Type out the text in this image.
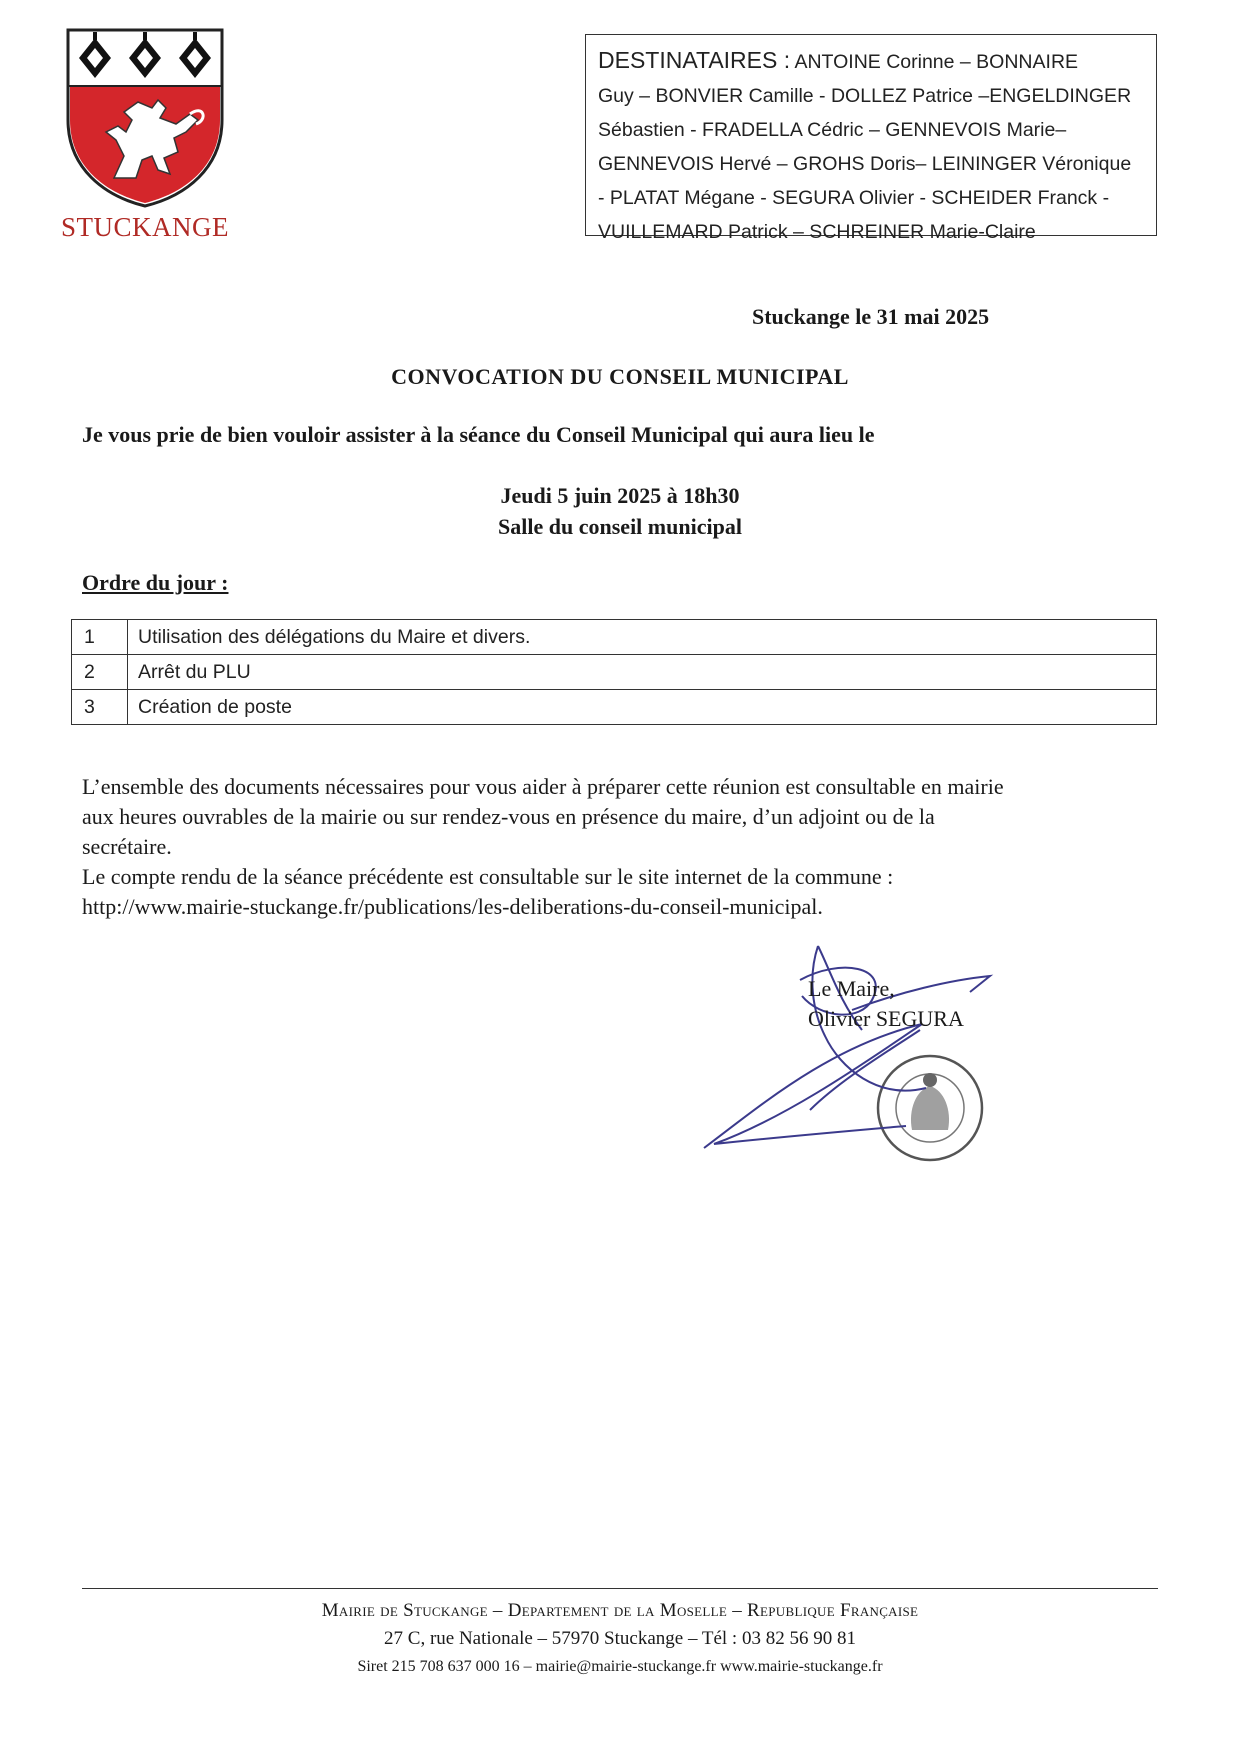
STUCKANGE
DESTINATAIRES : ANTOINE Corinne – BONNAIRE
Guy – BONVIER Camille - DOLLEZ Patrice –ENGELDINGER
Sébastien - FRADELLA Cédric – GENNEVOIS Marie–
GENNEVOIS Hervé – GROHS Doris– LEININGER Véronique
- PLATAT Mégane - SEGURA Olivier - SCHEIDER Franck -
VUILLEMARD Patrick – SCHREINER Marie-Claire
Stuckange le 31 mai 2025
CONVOCATION DU CONSEIL MUNICIPAL
Je vous prie de bien vouloir assister à la séance du Conseil Municipal qui aura lieu le
Jeudi 5 juin 2025 à 18h30
Salle du conseil municipal
Ordre du jour :
1	Utilisation des délégations du Maire et divers.
2	Arrêt du PLU
3	Création de poste

L’ensemble des documents nécessaires pour vous aider à préparer cette réunion est consultable en mairie

aux heures ouvrables de la mairie ou sur rendez-vous en présence du maire, d’un adjoint ou de la

secrétaire.

Le compte rendu de la séance précédente est consultable sur le site internet de la commune :

http://www.mairie-stuckange.fr/publications/les-deliberations-du-conseil-municipal.

Le Maire,
Olivier SEGURA
Mairie de Stuckange – Departement de la Moselle – Republique Française
27 C, rue Nationale – 57970 Stuckange – Tél : 03 82 56 90 81
Siret 215 708 637 000 16 – mairie@mairie-stuckange.fr www.mairie-stuckange.fr
